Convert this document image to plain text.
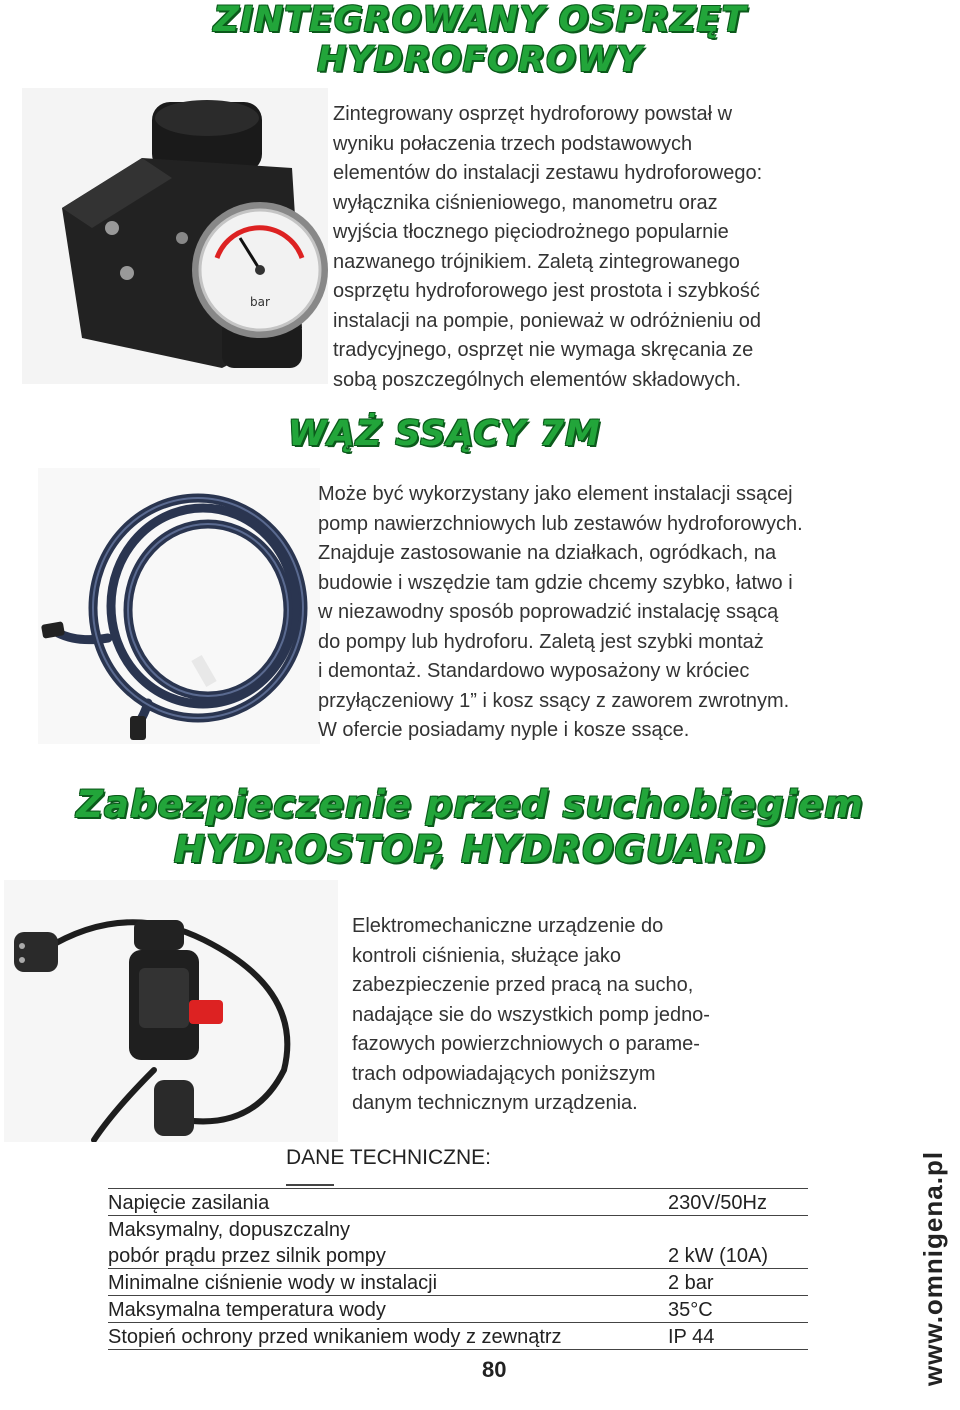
ZINTEGROWANY OSPRZĘT
HYDROFOROWY
bar

Zintegrowany osprzęt hydroforowy powstał w

wyniku połaczenia trzech podstawowych

elementów do instalacji zestawu hydroforowego:

wyłącznika ciśnieniowego, manometru oraz

wyjścia tłocznego pięciodrożnego popularnie

nazwanego trójnikiem. Zaletą zintegrowanego

osprzętu hydroforowego jest prostota i szybkość

instalacji na pompie, ponieważ w odróżnieniu od

tradycyjnego, osprzęt nie wymaga skręcania ze

sobą poszczególnych elementów składowych.

WĄŻ SSĄCY 7M

Może być wykorzystany jako element instalacji ssącej

pomp nawierzchniowych lub zestawów hydroforowych.

Znajduje zastosowanie na działkach, ogródkach, na

budowie i wszędzie tam gdzie chcemy szybko, łatwo i

w niezawodny sposób poprowadzić instalację ssącą

do pompy lub hydroforu. Zaletą jest szybki montaż

i demontaż. Standardowo wyposażony w króciec

przyłączeniowy 1” i kosz ssący z zaworem zwrotnym.

W ofercie posiadamy nyple i kosze ssące.

Zabezpieczenie przed suchobiegiem
HYDROSTOP, HYDROGUARD

Elektromechaniczne urządzenie do

kontroli ciśnienia, służące jako

zabezpieczenie przed pracą na sucho,

nadające sie do wszystkich pomp jedno-

fazowych powierzchniowych o parame-

trach odpowiadających poniższym

danym technicznym urządzenia.

DANE TECHNICZNE:
Napięcie zasilania	230V/50Hz
Maksymalny, dopuszczalny	
pobór prądu przez silnik pompy	2 kW (10A)
Minimalne ciśnienie wody w instalacji	2 bar
Maksymalna temperatura wody	35°C
Stopień ochrony przed wnikaniem wody z zewnątrz	IP 44
80	www.omnigena.pl
